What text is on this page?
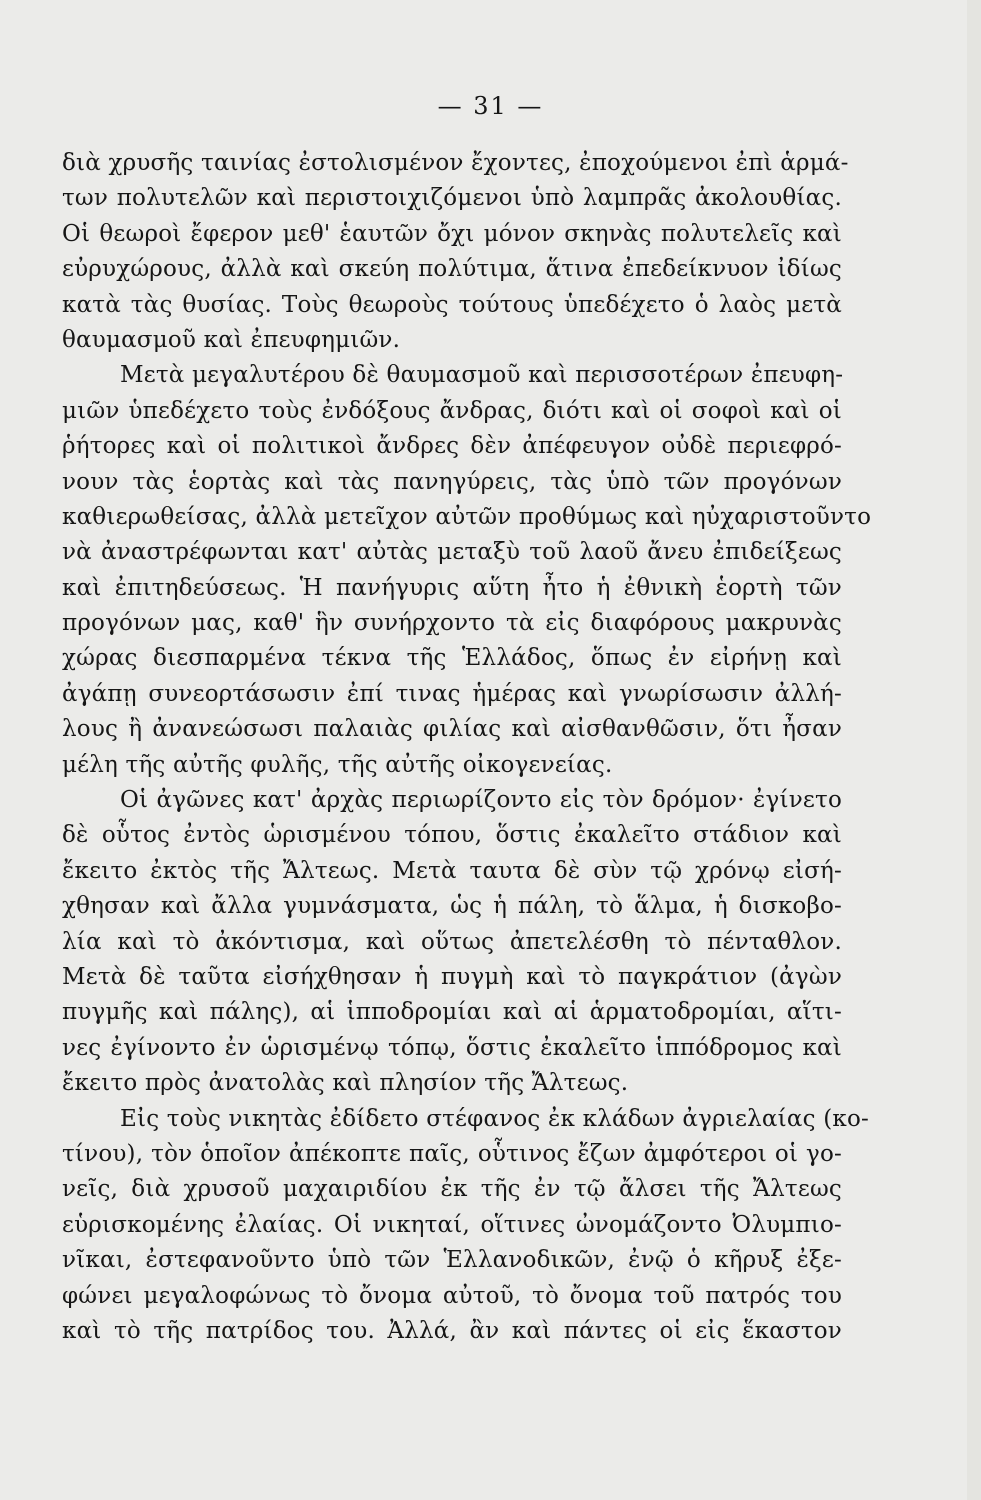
— 31 —
διὰ χρυσῆς ταινίας ἐστολισμένον ἔχοντες, ἐποχούμενοι ἐπὶ ἁρμά-
των πολυτελῶν καὶ περιστοιχιζόμενοι ὑπὸ λαμπρᾶς ἀκολουθίας.
Οἱ θεωροὶ ἔφερον μεθ' ἑαυτῶν ὄχι μόνον σκηνὰς πολυτελεῖς καὶ
εὐρυχώρους, ἀλλὰ καὶ σκεύη πολύτιμα, ἅτινα ἐπεδείκνυον ἰδίως
κατὰ τὰς θυσίας. Τοὺς θεωροὺς τούτους ὑπεδέχετο ὁ λαὸς μετὰ
θαυμασμοῦ καὶ ἐπευφημιῶν.
Μετὰ μεγαλυτέρου δὲ θαυμασμοῦ καὶ περισσοτέρων ἐπευφη-
μιῶν ὑπεδέχετο τοὺς ἐνδόξους ἄνδρας, διότι καὶ οἱ σοφοὶ καὶ οἱ
ῥήτορες καὶ οἱ πολιτικοὶ ἄνδρες δὲν ἀπέφευγον οὐδὲ περιεφρό-
νουν τὰς ἑορτὰς καὶ τὰς πανηγύρεις, τὰς ὑπὸ τῶν προγόνων
καθιερωθείσας, ἀλλὰ μετεῖχον αὐτῶν προθύμως καὶ ηὐχαριστοῦντο
νὰ ἀναστρέφωνται κατ' αὐτὰς μεταξὺ τοῦ λαοῦ ἄνευ ἐπιδείξεως
καὶ ἐπιτηδεύσεως. Ἡ πανήγυρις αὕτη ἦτο ἡ ἐθνικὴ ἑορτὴ τῶν
προγόνων μας, καθ' ἣν συνήρχοντο τὰ εἰς διαφόρους μακρυνὰς
χώρας διεσπαρμένα τέκνα τῆς Ἑλλάδος, ὅπως ἐν εἰρήνῃ καὶ
ἀγάπῃ συνεορτάσωσιν ἐπί τινας ἡμέρας καὶ γνωρίσωσιν ἀλλή-
λους ἢ ἀνανεώσωσι παλαιὰς φιλίας καὶ αἰσθανθῶσιν, ὅτι ἦσαν
μέλη τῆς αὐτῆς φυλῆς, τῆς αὐτῆς οἰκογενείας.
Οἱ ἀγῶνες κατ' ἀρχὰς περιωρίζοντο εἰς τὸν δρόμον· ἐγίνετο
δὲ οὗτος ἐντὸς ὡρισμένου τόπου, ὅστις ἐκαλεῖτο στάδιον καὶ
ἔκειτο ἐκτὸς τῆς Ἄλτεως. Μετὰ ταυτα δὲ σὺν τῷ χρόνῳ εἰσή-
χθησαν καὶ ἄλλα γυμνάσματα, ὡς ἡ πάλη, τὸ ἅλμα, ἡ δισκοβο-
λία καὶ τὸ ἀκόντισμα, καὶ οὕτως ἀπετελέσθη τὸ πένταθλον.
Μετὰ δὲ ταῦτα εἰσήχθησαν ἡ πυγμὴ καὶ τὸ παγκράτιον (ἀγὼν
πυγμῆς καὶ πάλης), αἱ ἱπποδρομίαι καὶ αἱ ἁρματοδρομίαι, αἵτι-
νες ἐγίνοντο ἐν ὡρισμένῳ τόπῳ, ὅστις ἐκαλεῖτο ἱππόδρομος καὶ
ἔκειτο πρὸς ἀνατολὰς καὶ πλησίον τῆς Ἄλτεως.
Εἰς τοὺς νικητὰς ἐδίδετο στέφανος ἐκ κλάδων ἀγριελαίας (κο-
τίνου), τὸν ὁποῖον ἀπέκοπτε παῖς, οὗτινος ἔζων ἀμφότεροι οἱ γο-
νεῖς, διὰ χρυσοῦ μαχαιριδίου ἐκ τῆς ἐν τῷ ἄλσει τῆς Ἄλτεως
εὑρισκομένης ἐλαίας. Οἱ νικηταί, οἵτινες ὠνομάζοντο Ὀλυμπιο-
νῖκαι, ἐστεφανοῦντο ὑπὸ τῶν Ἑλλανοδικῶν, ἐνῷ ὁ κῆρυξ ἐξε-
φώνει μεγαλοφώνως τὸ ὄνομα αὐτοῦ, τὸ ὄνομα τοῦ πατρός του
καὶ τὸ τῆς πατρίδος του. Ἀλλά, ἂν καὶ πάντες οἱ εἰς ἕκαστον
